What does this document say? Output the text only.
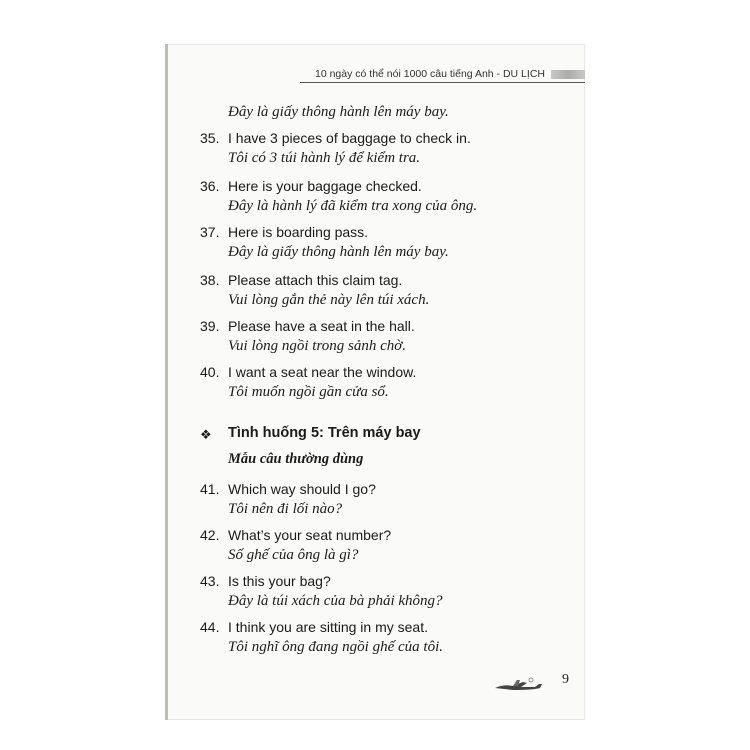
10 ngày có thể nói 1000 câu tiếng Anh - DU LỊCH
Đây là giấy thông hành lên máy bay.
35. I have 3 pieces of baggage to check in.
Tôi có 3 túi hành lý để kiểm tra.
36. Here is your baggage checked.
Đây là hành lý đã kiểm tra xong của ông.
37. Here is boarding pass.
Đây là giấy thông hành lên máy bay.
38. Please attach this claim tag.
Vui lòng gắn thẻ này lên túi xách.
39. Please have a seat in the hall.
Vui lòng ngồi trong sảnh chờ.
40. I want a seat near the window.
Tôi muốn ngồi gần cửa sổ.
❖ Tình huống 5: Trên máy bay
Mẫu câu thường dùng
41. Which way should I go?
Tôi nên đi lối nào?
42. What’s your seat number?
Số ghế của ông là gì?
43. Is this your bag?
Đây là túi xách của bà phải không?
44. I think you are sitting in my seat.
Tôi nghĩ ông đang ngồi ghế của tôi.
9
